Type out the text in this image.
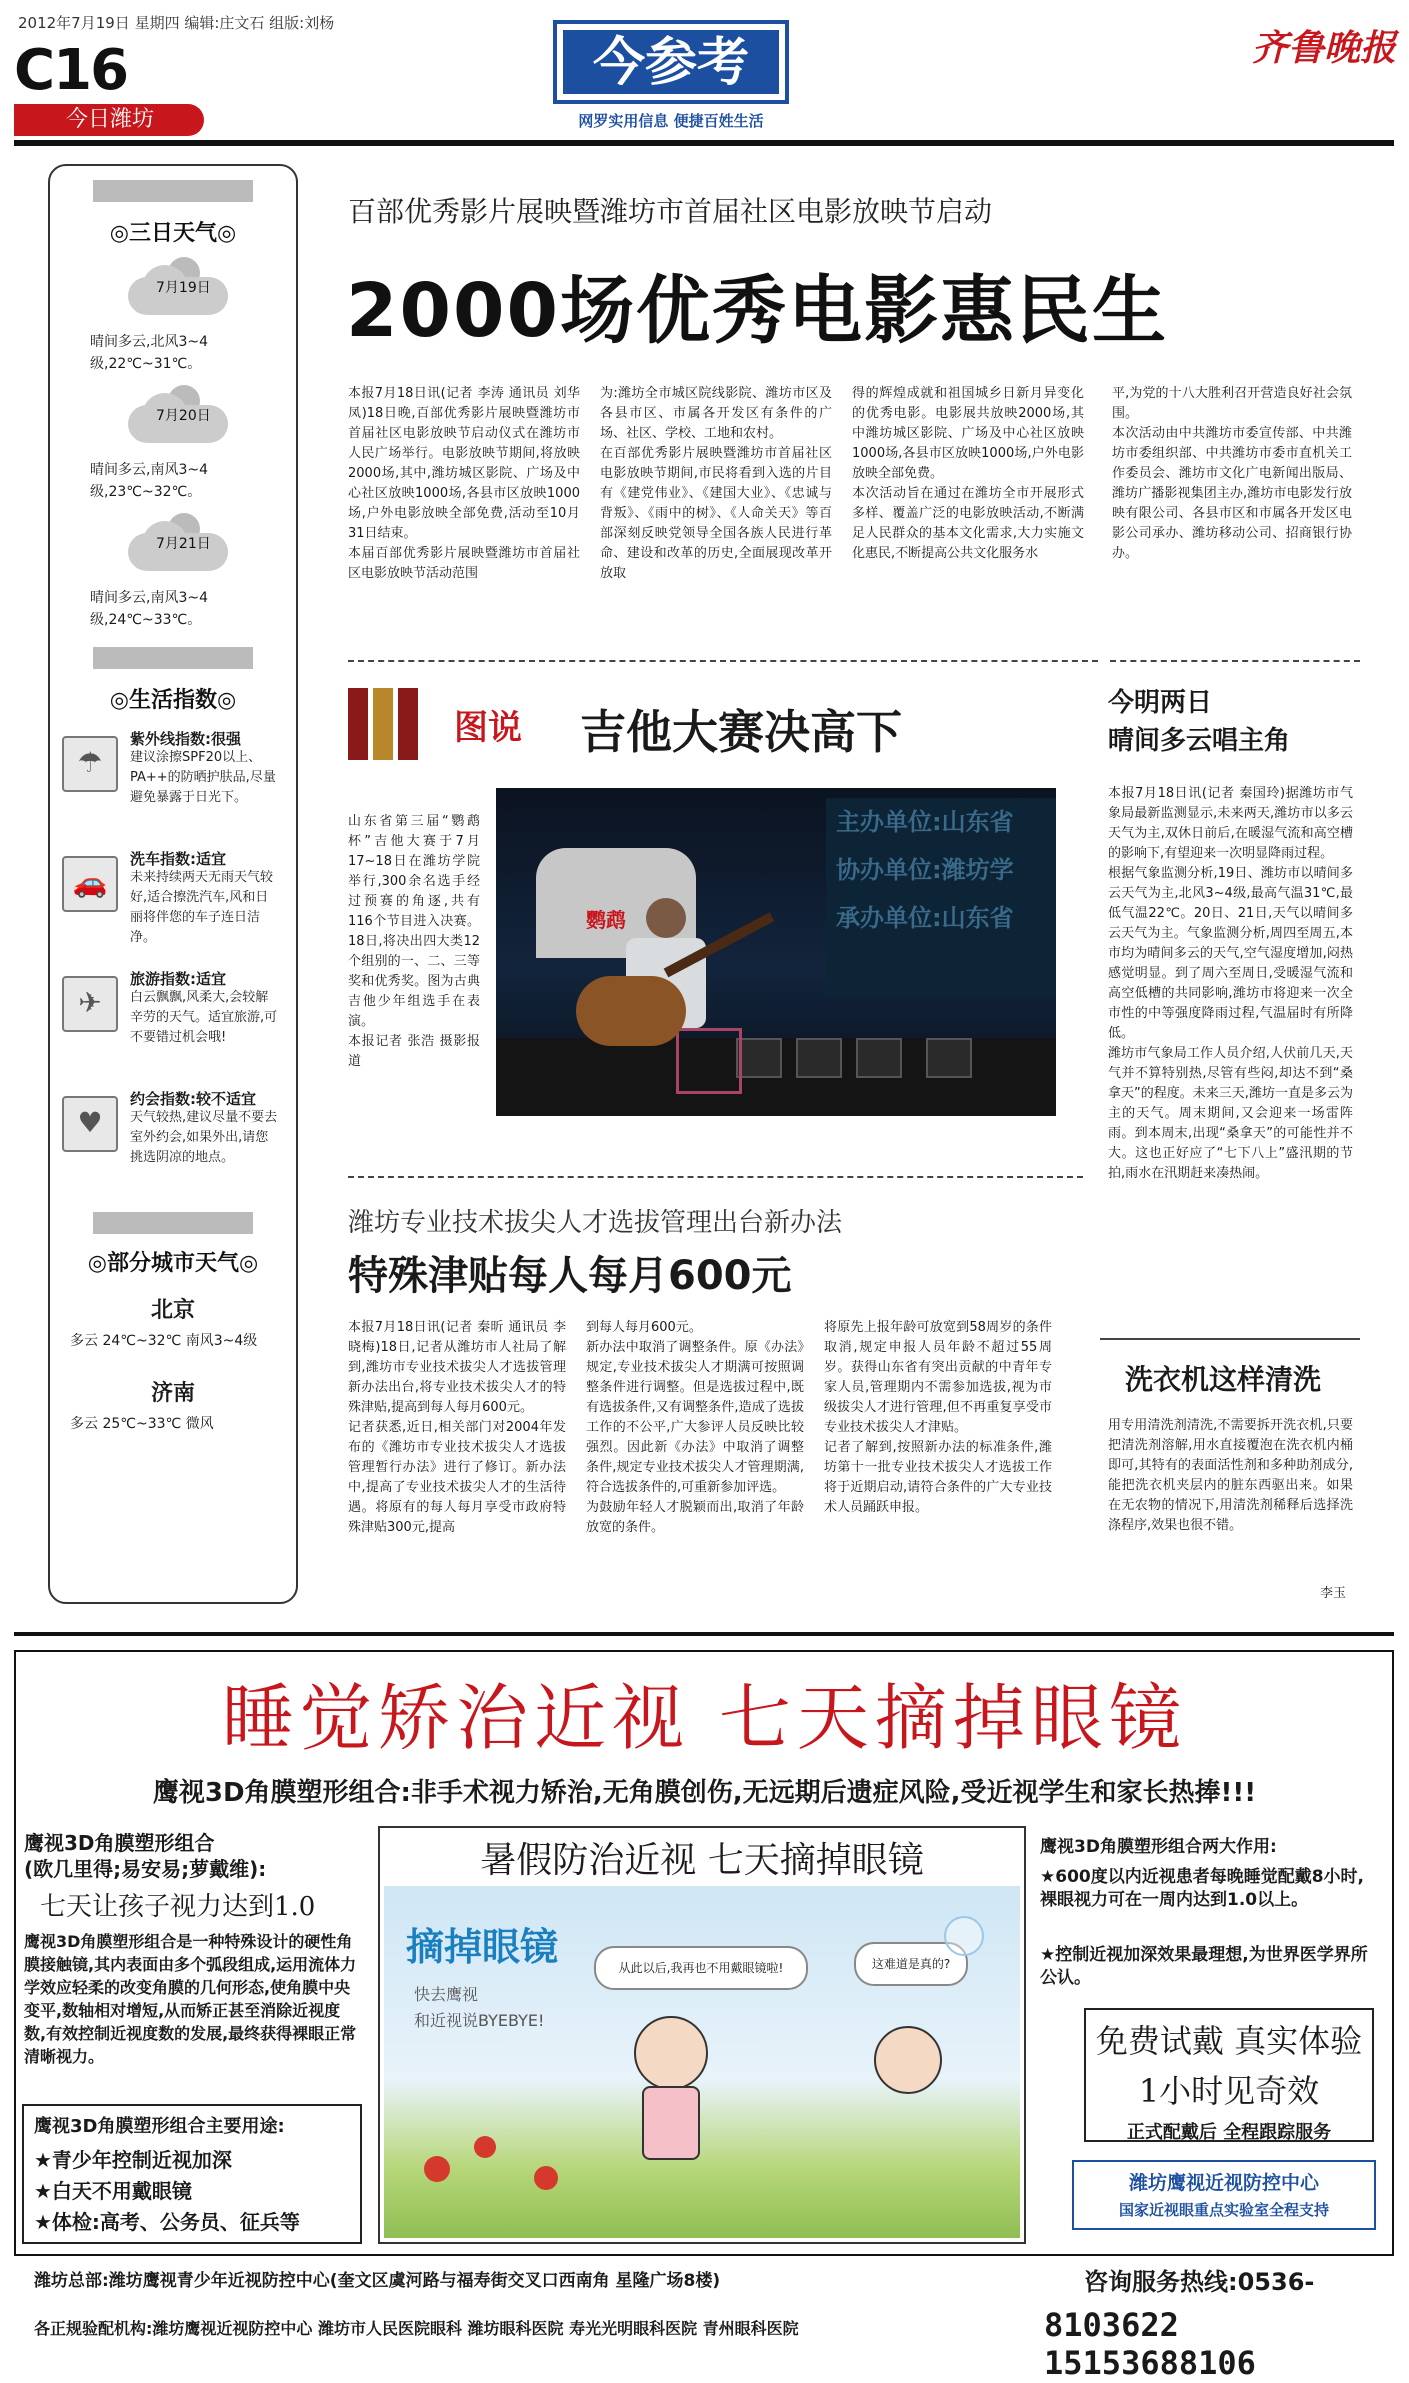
2012年7月19日 星期四 编辑:庄文石 组版:刘杨
C16
今日潍坊
今参考
网罗实用信息 便捷百姓生活
齐鲁晚报
◎三日天气◎
7月19日
晴间多云,北风3~4级,22℃~31℃。
7月20日
晴间多云,南风3~4级,23℃~32℃。
7月21日
晴间多云,南风3~4级,24℃~33℃。
◎生活指数◎
☂
紫外线指数:很强
建议涂擦SPF20以上、PA++的防晒护肤品,尽量避免暴露于日光下。
🚗
洗车指数:适宜
未来持续两天无雨天气较好,适合擦洗汽车,风和日丽将伴您的车子连日洁净。
✈
旅游指数:适宜
白云飘飘,风柔大,会较解辛劳的天气。适宜旅游,可不要错过机会哦!
♥
约会指数:较不适宜
天气较热,建议尽量不要去室外约会,如果外出,请您挑选阴凉的地点。
◎部分城市天气◎
北京
多云 24℃~32℃ 南风3~4级
济南
多云 25℃~33℃ 微风
百部优秀影片展映暨潍坊市首届社区电影放映节启动
2000场优秀电影惠民生
本报7月18日讯(记者 李涛 通讯员 刘华凤)18日晚,百部优秀影片展映暨潍坊市首届社区电影放映节启动仪式在潍坊市人民广场举行。电影放映节期间,将放映2000场,其中,潍坊城区影院、广场及中心社区放映1000场,各县市区放映1000场,户外电影放映全部免费,活动至10月31日结束。
本届百部优秀影片展映暨潍坊市首届社区电影放映节活动范围
为:潍坊全市城区院线影院、潍坊市区及各县市区、市属各开发区有条件的广场、社区、学校、工地和农村。
在百部优秀影片展映暨潍坊市首届社区电影放映节期间,市民将看到入选的片目有《建党伟业》、《建国大业》、《忠诚与背叛》、《雨中的树》、《人命关天》等百部深刻反映党领导全国各族人民进行革命、建设和改革的历史,全面展现改革开放取
得的辉煌成就和祖国城乡日新月异变化的优秀电影。电影展共放映2000场,其中潍坊城区影院、广场及中心社区放映1000场,各县市区放映1000场,户外电影放映全部免费。
本次活动旨在通过在潍坊全市开展形式多样、覆盖广泛的电影放映活动,不断满足人民群众的基本文化需求,大力实施文化惠民,不断提高公共文化服务水
平,为党的十八大胜利召开营造良好社会氛围。
本次活动由中共潍坊市委宣传部、中共潍坊市委组织部、中共潍坊市委市直机关工作委员会、潍坊市文化广电新闻出版局、潍坊广播影视集团主办,潍坊市电影发行放映有限公司、各县市区和市属各开发区电影公司承办、潍坊移动公司、招商银行协办。
图说 吉他大赛决高下
山东省第三届“鹦鹉杯”吉他大赛于7月17~18日在潍坊学院举行,300余名选手经过预赛的角逐,共有116个节目进入决赛。18日,将决出四大类12个组别的一、二、三等奖和优秀奖。图为古典吉他少年组选手在表演。
本报记者 张浩 摄影报道
主办单位:山东省
协办单位:潍坊学
承办单位:山东省
鹦鹉
今明两日
晴间多云唱主角
本报7月18日讯(记者 秦国玲)据潍坊市气象局最新监测显示,未来两天,潍坊市以多云天气为主,双休日前后,在暖湿气流和高空槽的影响下,有望迎来一次明显降雨过程。
根据气象监测分析,19日、潍坊市以晴间多云天气为主,北风3~4级,最高气温31℃,最低气温22℃。20日、21日,天气以晴间多云天气为主。气象监测分析,周四至周五,本市均为晴间多云的天气,空气湿度增加,闷热感觉明显。到了周六至周日,受暖湿气流和高空低槽的共同影响,潍坊市将迎来一次全市性的中等强度降雨过程,气温届时有所降低。
潍坊市气象局工作人员介绍,人伏前几天,天气并不算特别热,尽管有些闷,却达不到“桑拿天”的程度。未来三天,潍坊一直是多云为主的天气。周末期间,又会迎来一场雷阵雨。到本周末,出现“桑拿天”的可能性并不大。这也正好应了“七下八上”盛汛期的节拍,雨水在汛期赶来凑热闹。
潍坊专业技术拔尖人才选拔管理出台新办法
特殊津贴每人每月600元
本报7月18日讯(记者 秦昕 通讯员 李晓梅)18日,记者从潍坊市人社局了解到,潍坊市专业技术拔尖人才选拔管理新办法出台,将专业技术拔尖人才的特殊津贴,提高到每人每月600元。
记者获悉,近日,相关部门对2004年发布的《潍坊市专业技术拔尖人才选拔管理暂行办法》进行了修订。新办法中,提高了专业技术拔尖人才的生活待遇。将原有的每人每月享受市政府特殊津贴300元,提高
到每人每月600元。
新办法中取消了调整条件。原《办法》规定,专业技术拔尖人才期满可按照调整条件进行调整。但是选拔过程中,既有选拔条件,又有调整条件,造成了选拔工作的不公平,广大参评人员反映比较强烈。因此新《办法》中取消了调整条件,规定专业技术拔尖人才管理期满,符合选拔条件的,可重新参加评选。
为鼓励年轻人才脱颖而出,取消了年龄放宽的条件。
将原先上报年龄可放宽到58周岁的条件取消,规定申报人员年龄不超过55周岁。获得山东省有突出贡献的中青年专家人员,管理期内不需参加选拔,视为市级拔尖人才进行管理,但不再重复享受市专业技术拔尖人才津贴。
记者了解到,按照新办法的标准条件,潍坊第十一批专业技术拔尖人才选拔工作将于近期启动,请符合条件的广大专业技术人员踊跃申报。
洗衣机这样清洗
用专用清洗剂清洗,不需要拆开洗衣机,只要把清洗剂溶解,用水直接覆泡在洗衣机内桶即可,其特有的表面活性剂和多种助剂成分,能把洗衣机夹层内的脏东西驱出来。如果在无农物的情况下,用清洗剂稀释后选择洗涤程序,效果也很不错。
李玉
睡觉矫治近视 七天摘掉眼镜
鹰视3D角膜塑形组合:非手术视力矫治,无角膜创伤,无远期后遗症风险,受近视学生和家长热捧!!!
鹰视3D角膜塑形组合
(欧几里得;易安易;萝戴维):
七天让孩子视力达到1.0
鹰视3D角膜塑形组合是一种特殊设计的硬性角膜接触镜,其内表面由多个弧段组成,运用流体力学效应轻柔的改变角膜的几何形态,使角膜中央变平,数轴相对增短,从而矫正甚至消除近视度数,有效控制近视度数的发展,最终获得裸眼正常清晰视力。
鹰视3D角膜塑形组合主要用途:
★青少年控制近视加深
★白天不用戴眼镜
★体检:高考、公务员、征兵等
暑假防治近视 七天摘掉眼镜
摘掉眼镜
快去鹰视
和近视说BYEBYE!
从此以后,我再也不用戴眼镜啦!	这难道是真的?
鹰视3D角膜塑形组合两大作用:
★600度以内近视患者每晚睡觉配戴8小时,裸眼视力可在一周内达到1.0以上。
★控制近视加深效果最理想,为世界医学界所公认。
免费试戴 真实体验
1小时见奇效
正式配戴后 全程跟踪服务
潍坊鹰视近视防控中心
国家近视眼重点实验室全程支持
潍坊总部:潍坊鹰视青少年近视防控中心(奎文区虞河路与福寿街交叉口西南角 星隆广场8楼)	咨询服务热线:0536-
各正规验配机构:潍坊鹰视近视防控中心 潍坊市人民医院眼科 潍坊眼科医院 寿光光明眼科医院 青州眼科医院	8103622 15153688106
